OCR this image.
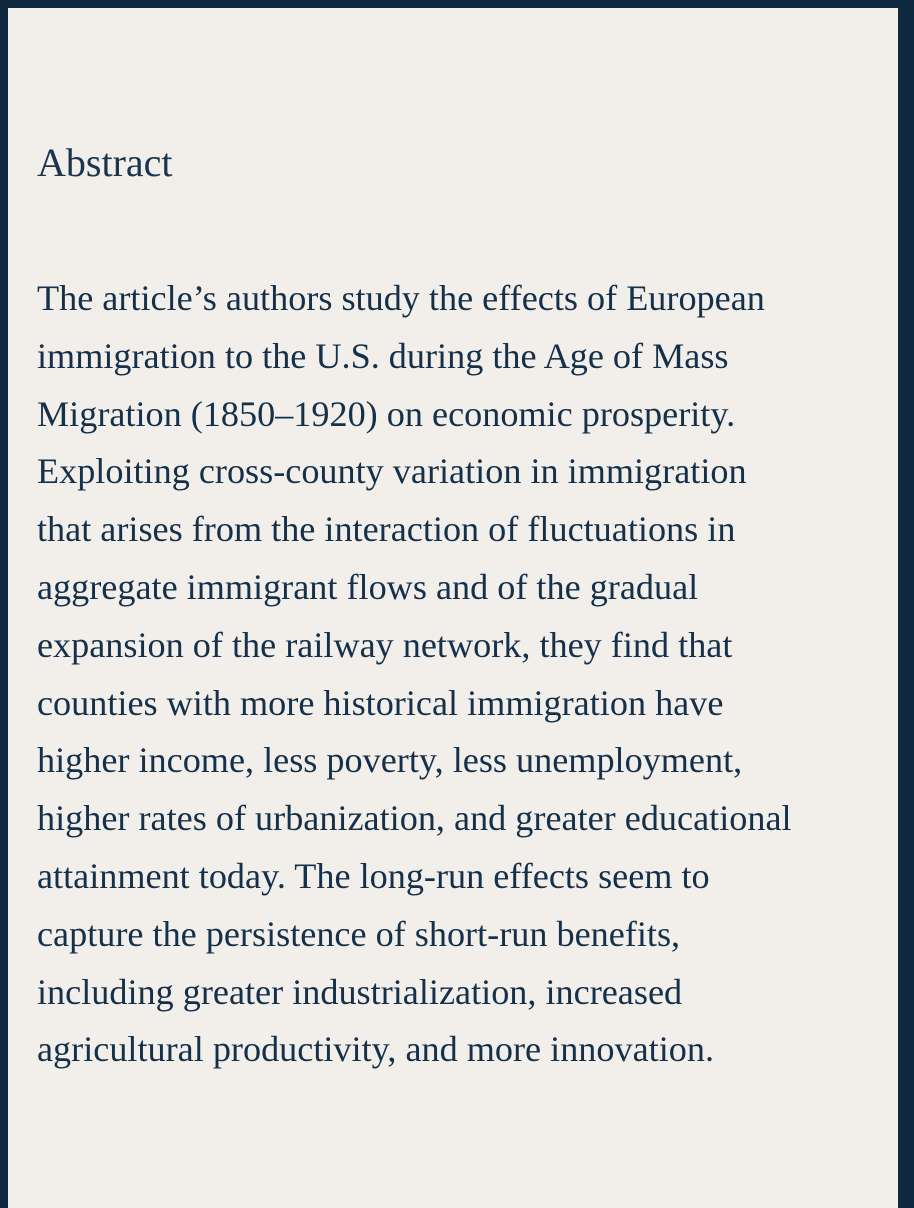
Abstract

The article’s authors study the effects of European
immigration to the U.S. during the Age of Mass
Migration (1850–1920) on economic prosperity.
Exploiting cross-county variation in immigration
that arises from the interaction of fluctuations in
aggregate immigrant flows and of the gradual
expansion of the railway network, they find that
counties with more historical immigration have
higher income, less poverty, less unemployment,
higher rates of urbanization, and greater educational
attainment today. The long-run effects seem to
capture the persistence of short-run benefits,
including greater industrialization, increased
agricultural productivity, and more innovation.
